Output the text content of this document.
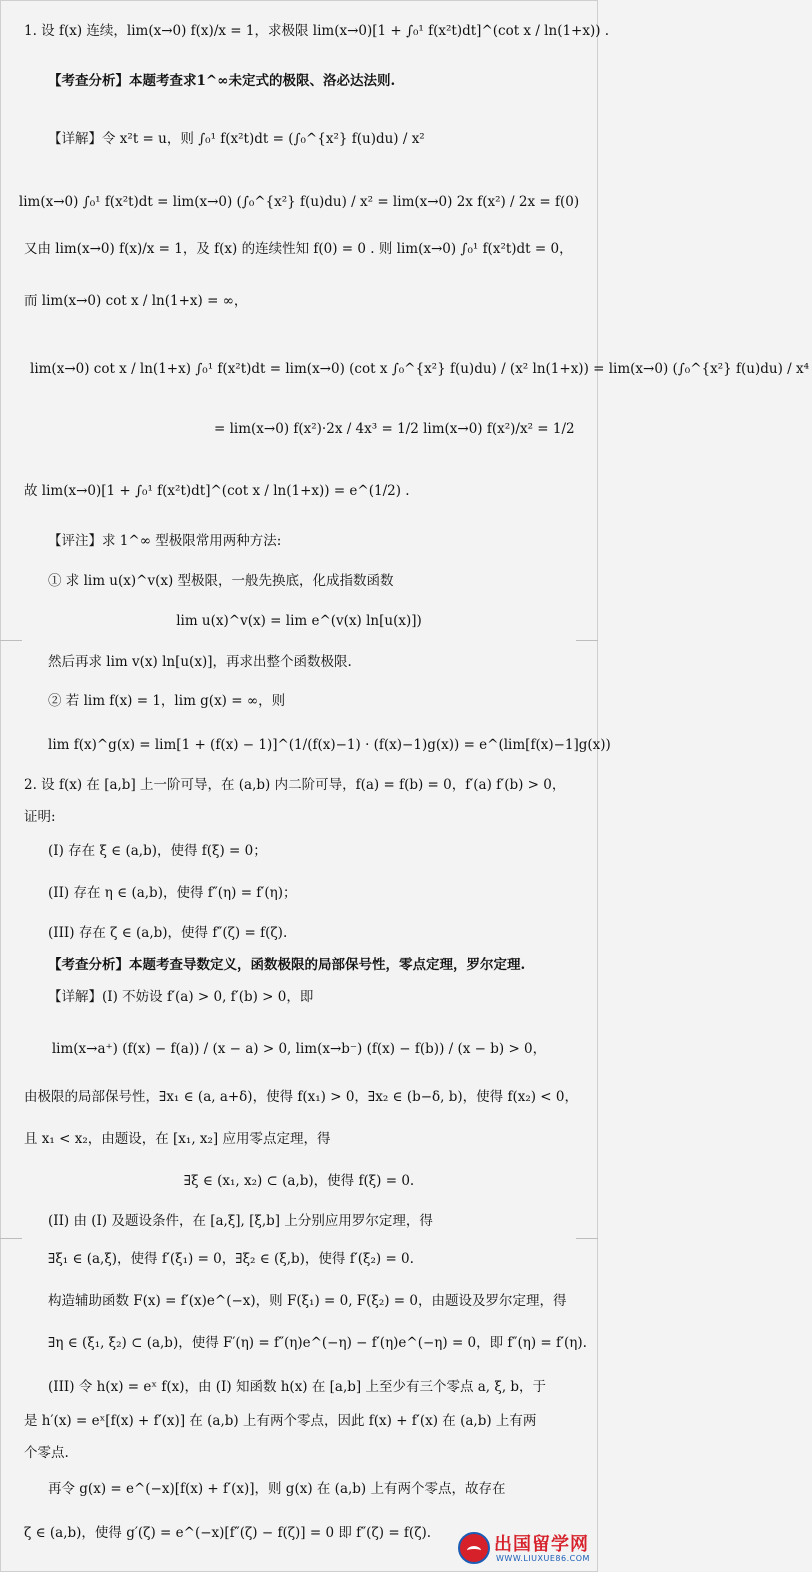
1. 设 f(x) 连续，lim(x→0) f(x)/x = 1，求极限 lim(x→0)[1 + ∫₀¹ f(x²t)dt]^(cot x / ln(1+x)) .
【考查分析】本题考查求1^∞未定式的极限、洛必达法则.
【详解】令 x²t = u，则 ∫₀¹ f(x²t)dt = (∫₀^{x²} f(u)du) / x²
lim(x→0) ∫₀¹ f(x²t)dt = lim(x→0) (∫₀^{x²} f(u)du) / x² = lim(x→0) 2x f(x²) / 2x = f(0)
又由 lim(x→0) f(x)/x = 1，及 f(x) 的连续性知 f(0) = 0 . 则 lim(x→0) ∫₀¹ f(x²t)dt = 0，
而 lim(x→0) cot x / ln(1+x) = ∞，
lim(x→0) cot x / ln(1+x) ∫₀¹ f(x²t)dt = lim(x→0) (cot x ∫₀^{x²} f(u)du) / (x² ln(1+x)) = lim(x→0) (∫₀^{x²} f(u)du) / x⁴
= lim(x→0) f(x²)·2x / 4x³ = 1/2 lim(x→0) f(x²)/x² = 1/2
故 lim(x→0)[1 + ∫₀¹ f(x²t)dt]^(cot x / ln(1+x)) = e^(1/2) .
【评注】求 1^∞ 型极限常用两种方法:
① 求 lim u(x)^v(x) 型极限，一般先换底，化成指数函数
lim u(x)^v(x) = lim e^(v(x) ln[u(x)])
然后再求 lim v(x) ln[u(x)]，再求出整个函数极限.
② 若 lim f(x) = 1，lim g(x) = ∞，则
lim f(x)^g(x) = lim[1 + (f(x) − 1)]^(1/(f(x)−1) · (f(x)−1)g(x)) = e^(lim[f(x)−1]g(x))
2. 设 f(x) 在 [a,b] 上一阶可导，在 (a,b) 内二阶可导，f(a) = f(b) = 0，f′(a) f′(b) > 0，
证明:
(I) 存在 ξ ∈ (a,b)，使得 f(ξ) = 0；
(II) 存在 η ∈ (a,b)，使得 f″(η) = f′(η)；
(III) 存在 ζ ∈ (a,b)，使得 f″(ζ) = f(ζ).
【考查分析】本题考查导数定义，函数极限的局部保号性，零点定理，罗尔定理.
【详解】(I) 不妨设 f′(a) > 0, f′(b) > 0，即
lim(x→a⁺) (f(x) − f(a)) / (x − a) > 0, lim(x→b⁻) (f(x) − f(b)) / (x − b) > 0，
由极限的局部保号性，∃x₁ ∈ (a, a+δ)，使得 f(x₁) > 0，∃x₂ ∈ (b−δ, b)，使得 f(x₂) < 0，
且 x₁ < x₂，由题设，在 [x₁, x₂] 应用零点定理，得
∃ξ ∈ (x₁, x₂) ⊂ (a,b)，使得 f(ξ) = 0.
(II) 由 (I) 及题设条件，在 [a,ξ], [ξ,b] 上分别应用罗尔定理，得
∃ξ₁ ∈ (a,ξ)，使得 f′(ξ₁) = 0，∃ξ₂ ∈ (ξ,b)，使得 f′(ξ₂) = 0.
构造辅助函数 F(x) = f′(x)e^(−x)，则 F(ξ₁) = 0, F(ξ₂) = 0，由题设及罗尔定理，得
∃η ∈ (ξ₁, ξ₂) ⊂ (a,b)，使得 F′(η) = f″(η)e^(−η) − f′(η)e^(−η) = 0，即 f″(η) = f′(η).
(III) 令 h(x) = eˣ f(x)，由 (I) 知函数 h(x) 在 [a,b] 上至少有三个零点 a, ξ, b，于
是 h′(x) = eˣ[f(x) + f′(x)] 在 (a,b) 上有两个零点，因此 f(x) + f′(x) 在 (a,b) 上有两
个零点.
再令 g(x) = e^(−x)[f(x) + f′(x)]，则 g(x) 在 (a,b) 上有两个零点，故存在
ζ ∈ (a,b)，使得 g′(ζ) = e^(−x)[f″(ζ) − f(ζ)] = 0 即 f″(ζ) = f(ζ).
出国留学网
WWW.LIUXUE86.COM
